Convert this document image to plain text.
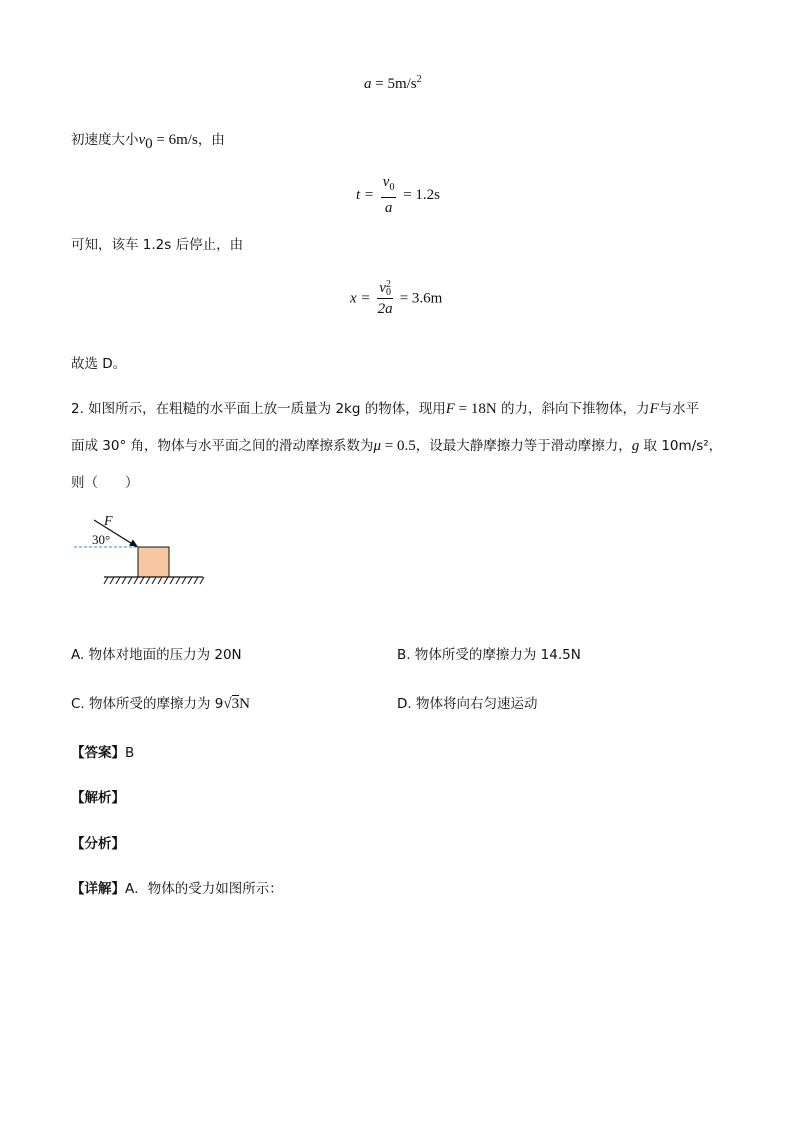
$a = 5m/s^2$
初速度大小$v_0 = 6m/s$，由
$t = \frac{v_0}{a} = 1.2s$
可知，该车 1.2s 后停止，由
x = v 2
0
2a = 3.6m
故选 D。
2. 如图所示，在粗糙的水平面上放一质量为 2kg 的物体，现用F = 18N 的力，斜向下推物体，力F与水平
面成 30° 角，物体与水平面之间的滑动摩擦系数为μ = 0.5，设最大静摩擦力等于滑动摩擦力，g 取 10m/s²，
则（　　）
F
30°
A. 物体对地面的压力为 20N	B. 物体所受的摩擦力为 14.5N
C. 物体所受的摩擦力为 9√3N	D. 物体将向右匀速运动
【答案】B
【解析】
【分析】
【详解】A．物体的受力如图所示：
